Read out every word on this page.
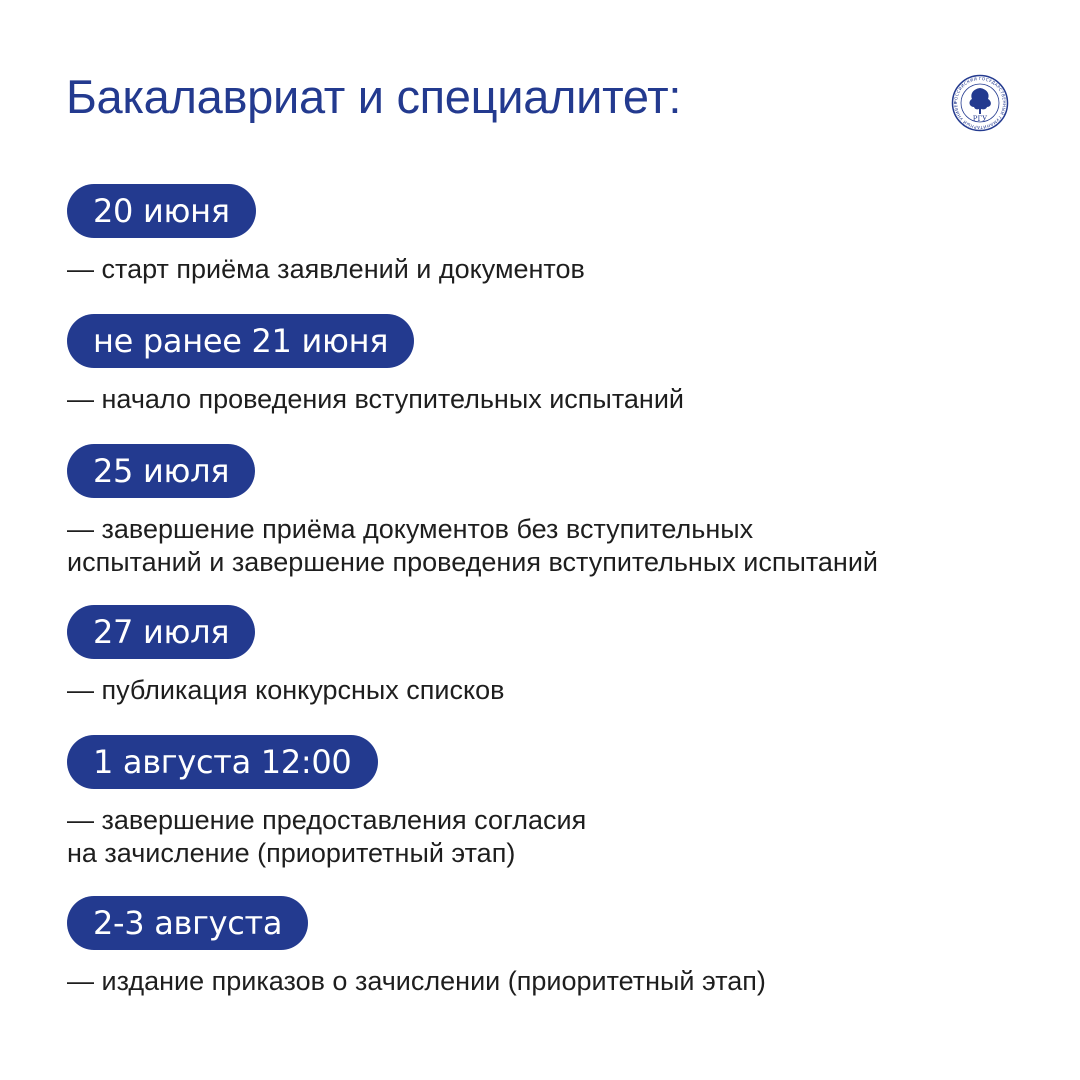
Бакалавриат и специалитет:	РОССИЙСКИЙ ГОСУДАРСТВЕННЫЙ ГУМАНИТАРНЫЙ УНИВЕР
РГУ
20 июня

— старт приёма заявлений и документов

не ранее 21 июня

— начало проведения вступительных испытаний

25 июля

— завершение приёма документов без вступительных
испытаний и завершение проведения вступительных испытаний

27 июля

— публикация конкурсных списков

1 августа 12:00

— завершение предоставления согласия
на зачисление (приоритетный этап)

2-3 августа

— издание приказов о зачислении (приоритетный этап)
